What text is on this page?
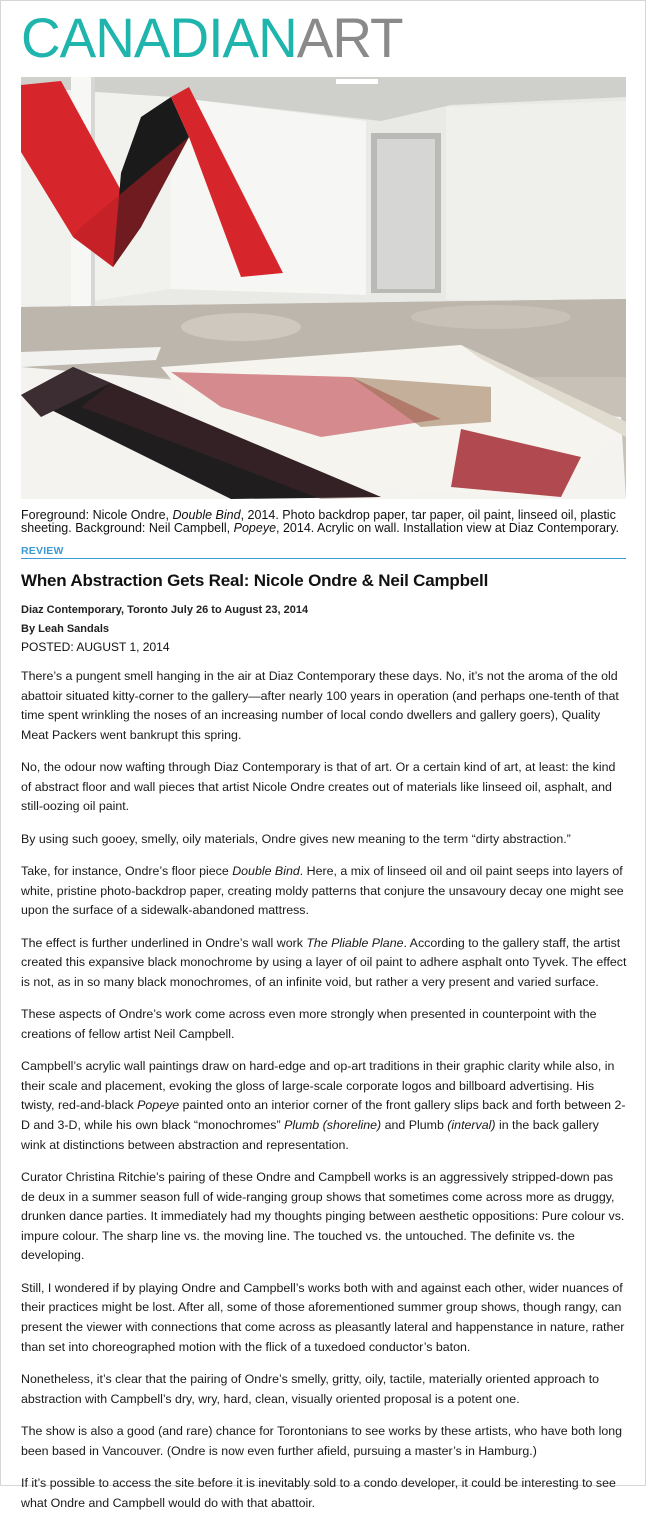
CANADIANART
Foreground: Nicole Ondre, Double Bind, 2014. Photo backdrop paper, tar paper, oil paint, linseed oil, plastic sheeting. Background: Neil Campbell, Popeye, 2014. Acrylic on wall. Installation view at Diaz Contemporary.
REVIEW
When Abstraction Gets Real: Nicole Ondre & Neil Campbell
Diaz Contemporary, Toronto July 26 to August 23, 2014
By Leah Sandals
POSTED: AUGUST 1, 2014

There’s a pungent smell hanging in the air at Diaz Contemporary these days. No, it’s not the aroma of the old abattoir situated kitty-corner to the gallery—after nearly 100 years in operation (and perhaps one-tenth of that time spent wrinkling the noses of an increasing number of local condo dwellers and gallery goers), Quality Meat Packers went bankrupt this spring.

No, the odour now wafting through Diaz Contemporary is that of art. Or a certain kind of art, at least: the kind of abstract floor and wall pieces that artist Nicole Ondre creates out of materials like linseed oil, asphalt, and still-oozing oil paint.

By using such gooey, smelly, oily materials, Ondre gives new meaning to the term “dirty abstraction.”

Take, for instance, Ondre’s floor piece Double Bind. Here, a mix of linseed oil and oil paint seeps into layers of white, pristine photo-backdrop paper, creating moldy patterns that conjure the unsavoury decay one might see upon the surface of a sidewalk-abandoned mattress.

The effect is further underlined in Ondre’s wall work The Pliable Plane. According to the gallery staff, the artist created this expansive black monochrome by using a layer of oil paint to adhere asphalt onto Tyvek. The effect is not, as in so many black monochromes, of an infinite void, but rather a very present and varied surface.

These aspects of Ondre’s work come across even more strongly when presented in counterpoint with the creations of fellow artist Neil Campbell.

Campbell’s acrylic wall paintings draw on hard-edge and op-art traditions in their graphic clarity while also, in their scale and placement, evoking the gloss of large-scale corporate logos and billboard advertising. His twisty, red-and-black Popeye painted onto an interior corner of the front gallery slips back and forth between 2-D and 3-D, while his own black “monochromes” Plumb (shoreline) and Plumb (interval) in the back gallery wink at distinctions between abstraction and representation.

Curator Christina Ritchie’s pairing of these Ondre and Campbell works is an aggressively stripped-down pas de deux in a summer season full of wide-ranging group shows that sometimes come across more as druggy, drunken dance parties. It immediately had my thoughts pinging between aesthetic oppositions: Pure colour vs. impure colour. The sharp line vs. the moving line. The touched vs. the untouched. The definite vs. the developing.

Still, I wondered if by playing Ondre and Campbell’s works both with and against each other, wider nuances of their practices might be lost. After all, some of those aforementioned summer group shows, though rangy, can present the viewer with connections that come across as pleasantly lateral and happenstance in nature, rather than set into choreographed motion with the flick of a tuxedoed conductor’s baton.

Nonetheless, it’s clear that the pairing of Ondre’s smelly, gritty, oily, tactile, materially oriented approach to abstraction with Campbell’s dry, wry, hard, clean, visually oriented proposal is a potent one.

The show is also a good (and rare) chance for Torontonians to see works by these artists, who have both long been based in Vancouver. (Ondre is now even further afield, pursuing a master’s in Hamburg.)

If it’s possible to access the site before it is inevitably sold to a condo developer, it could be interesting to see what Ondre and Campbell would do with that abattoir.
